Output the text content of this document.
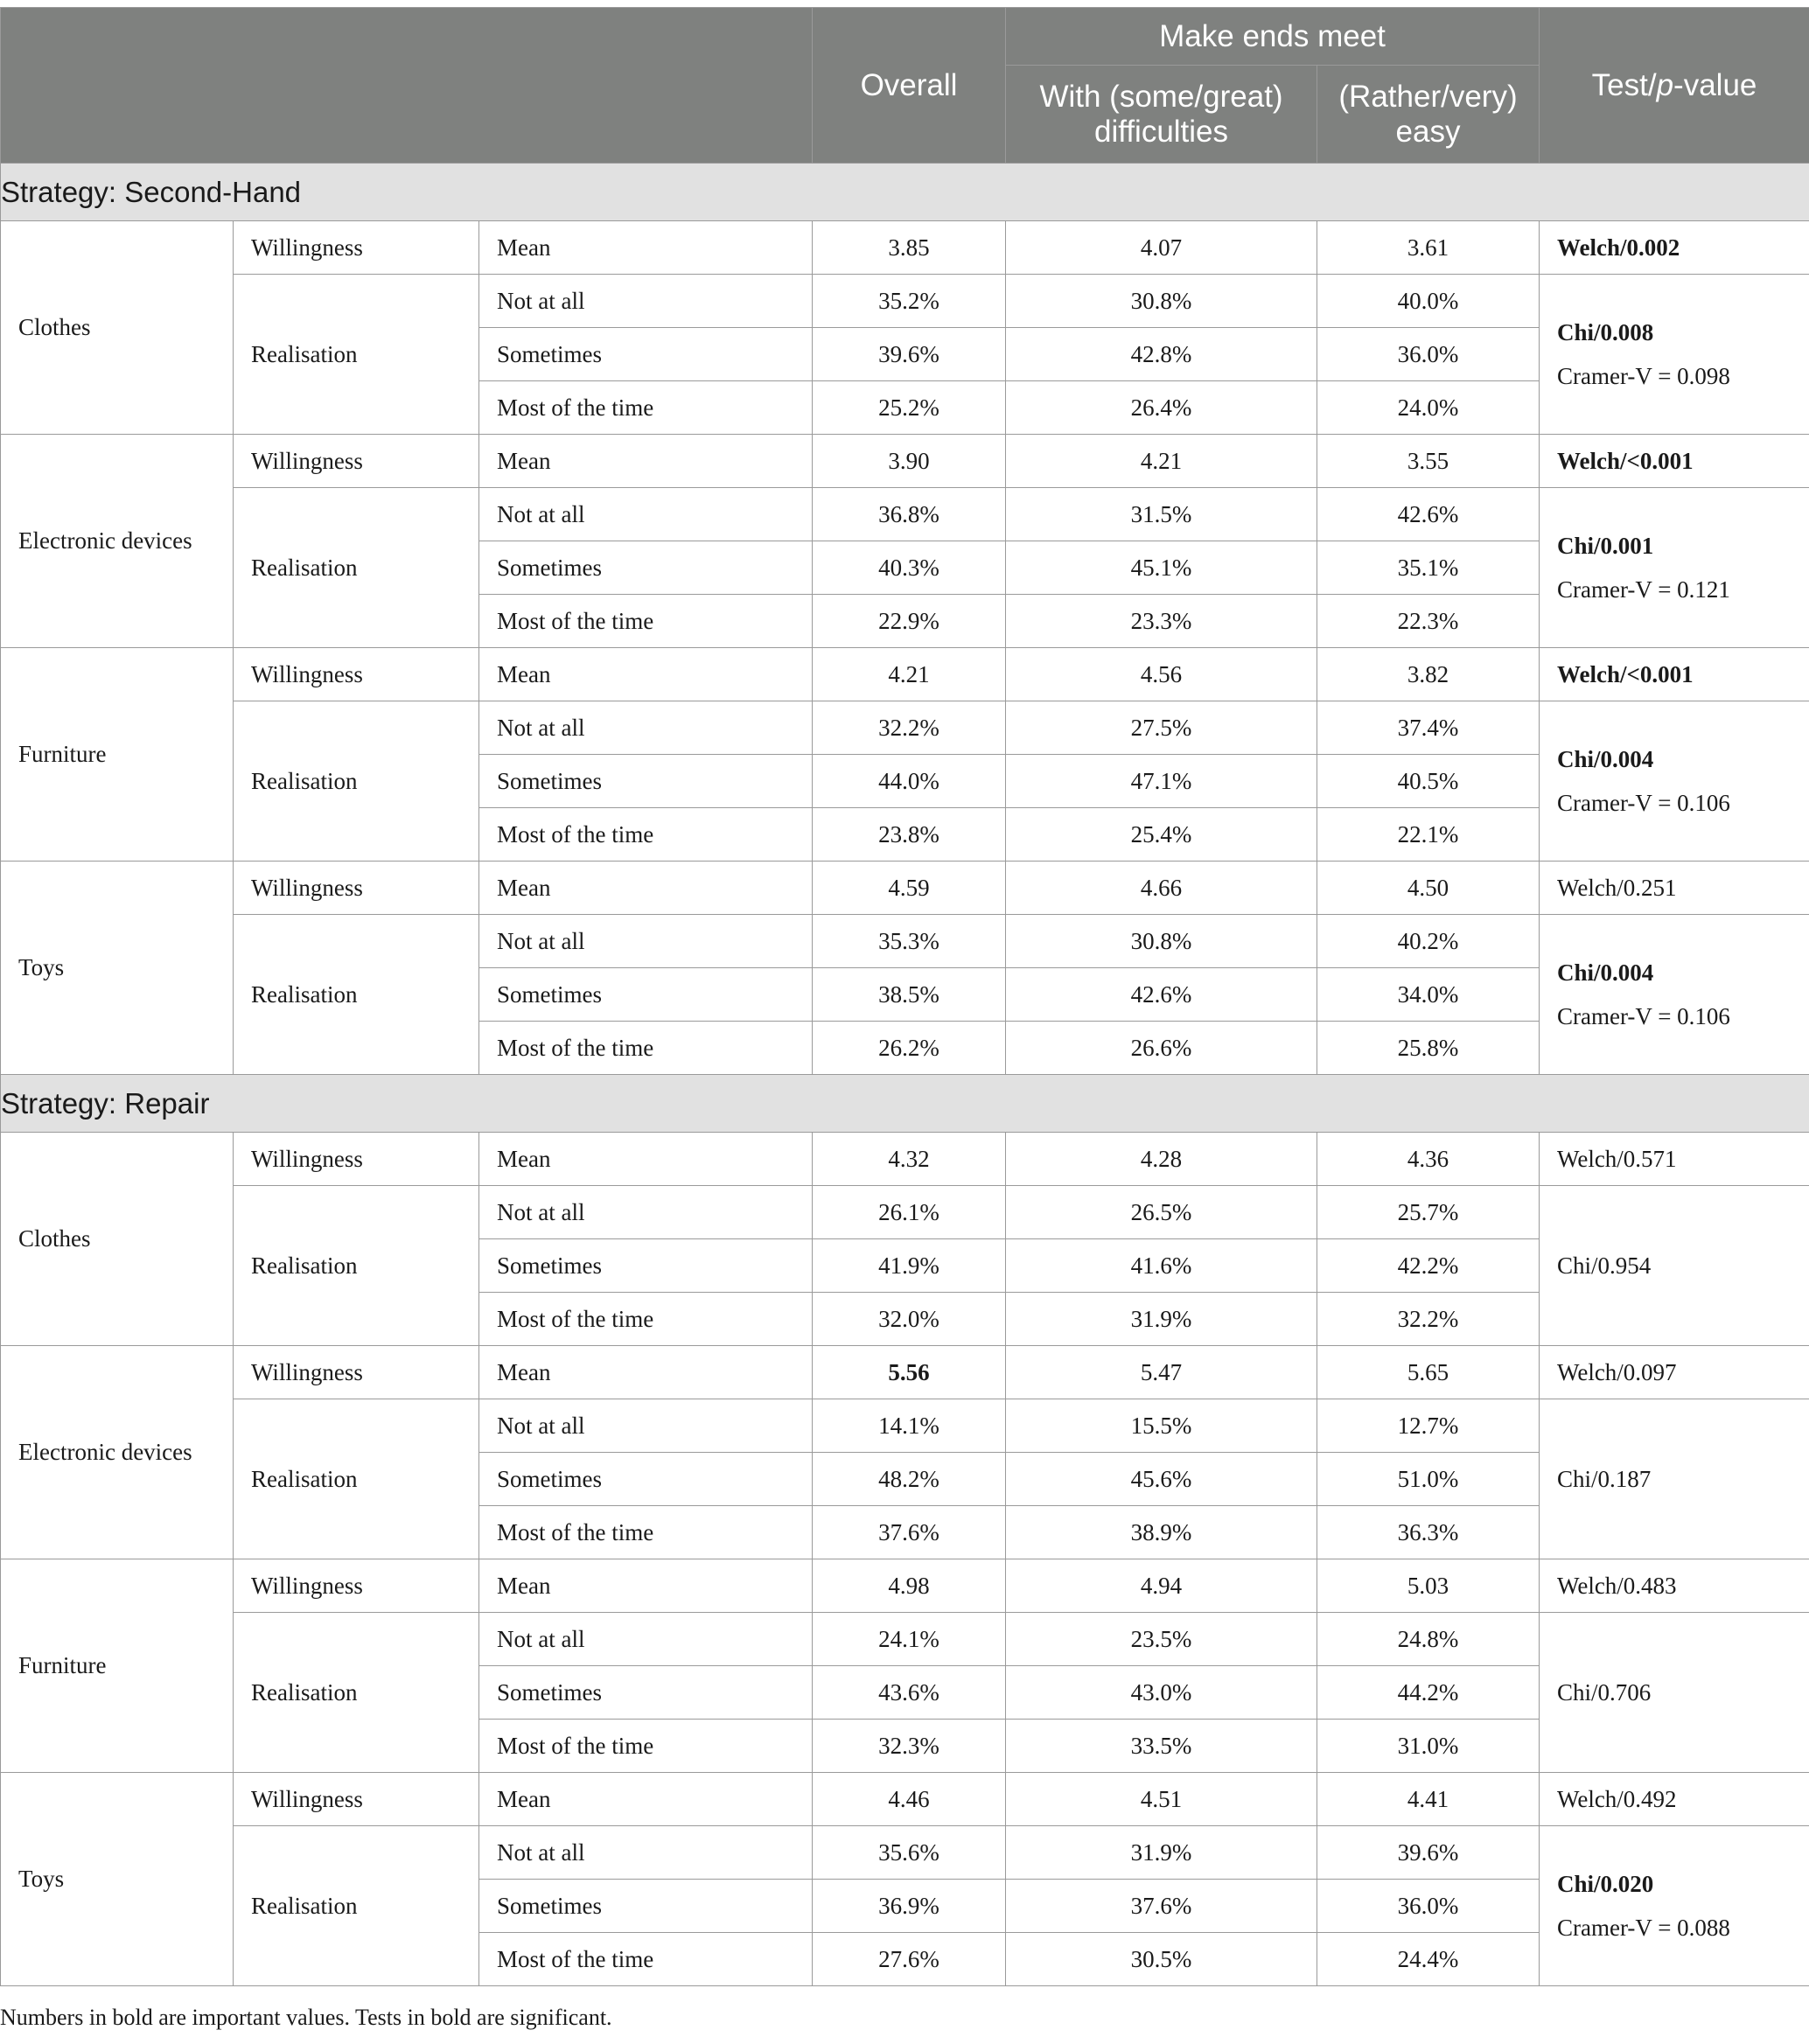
			Overall	Make ends meet		Test/p-value
				With (some/great) difficulties	(Rather/very) easy	
Strategy: Second-Hand						
Clothes	Willingness	Mean	3.85	4.07	3.61	Welch/0.002
	Realisation	Not at all	35.2%	30.8%	40.0%	Chi/0.008
Cramer-V = 0.098

		Sometimes	39.6%	42.8%	36.0%	
		Most of the time	25.2%	26.4%	24.0%	
Electronic devices	Willingness	Mean	3.90	4.21	3.55	Welch/<0.001
	Realisation	Not at all	36.8%	31.5%	42.6%	Chi/0.001
Cramer-V = 0.121

		Sometimes	40.3%	45.1%	35.1%	
		Most of the time	22.9%	23.3%	22.3%	
Furniture	Willingness	Mean	4.21	4.56	3.82	Welch/<0.001
	Realisation	Not at all	32.2%	27.5%	37.4%	Chi/0.004
Cramer-V = 0.106

		Sometimes	44.0%	47.1%	40.5%	
		Most of the time	23.8%	25.4%	22.1%	
Toys	Willingness	Mean	4.59	4.66	4.50	Welch/0.251
	Realisation	Not at all	35.3%	30.8%	40.2%	Chi/0.004
Cramer-V = 0.106

		Sometimes	38.5%	42.6%	34.0%	
		Most of the time	26.2%	26.6%	25.8%	
Strategy: Repair						
Clothes	Willingness	Mean	4.32	4.28	4.36	Welch/0.571
	Realisation	Not at all	26.1%	26.5%	25.7%	Chi/0.954

		Sometimes	41.9%	41.6%	42.2%	
		Most of the time	32.0%	31.9%	32.2%	
Electronic devices	Willingness	Mean	5.56	5.47	5.65	Welch/0.097
	Realisation	Not at all	14.1%	15.5%	12.7%	Chi/0.187

		Sometimes	48.2%	45.6%	51.0%	
		Most of the time	37.6%	38.9%	36.3%	
Furniture	Willingness	Mean	4.98	4.94	5.03	Welch/0.483
	Realisation	Not at all	24.1%	23.5%	24.8%	Chi/0.706

		Sometimes	43.6%	43.0%	44.2%	
		Most of the time	32.3%	33.5%	31.0%	
Toys	Willingness	Mean	4.46	4.51	4.41	Welch/0.492
	Realisation	Not at all	35.6%	31.9%	39.6%	Chi/0.020
Cramer-V = 0.088

		Sometimes	36.9%	37.6%	36.0%	
		Most of the time	27.6%	30.5%	24.4%	
Numbers in bold are important values. Tests in bold are significant.
